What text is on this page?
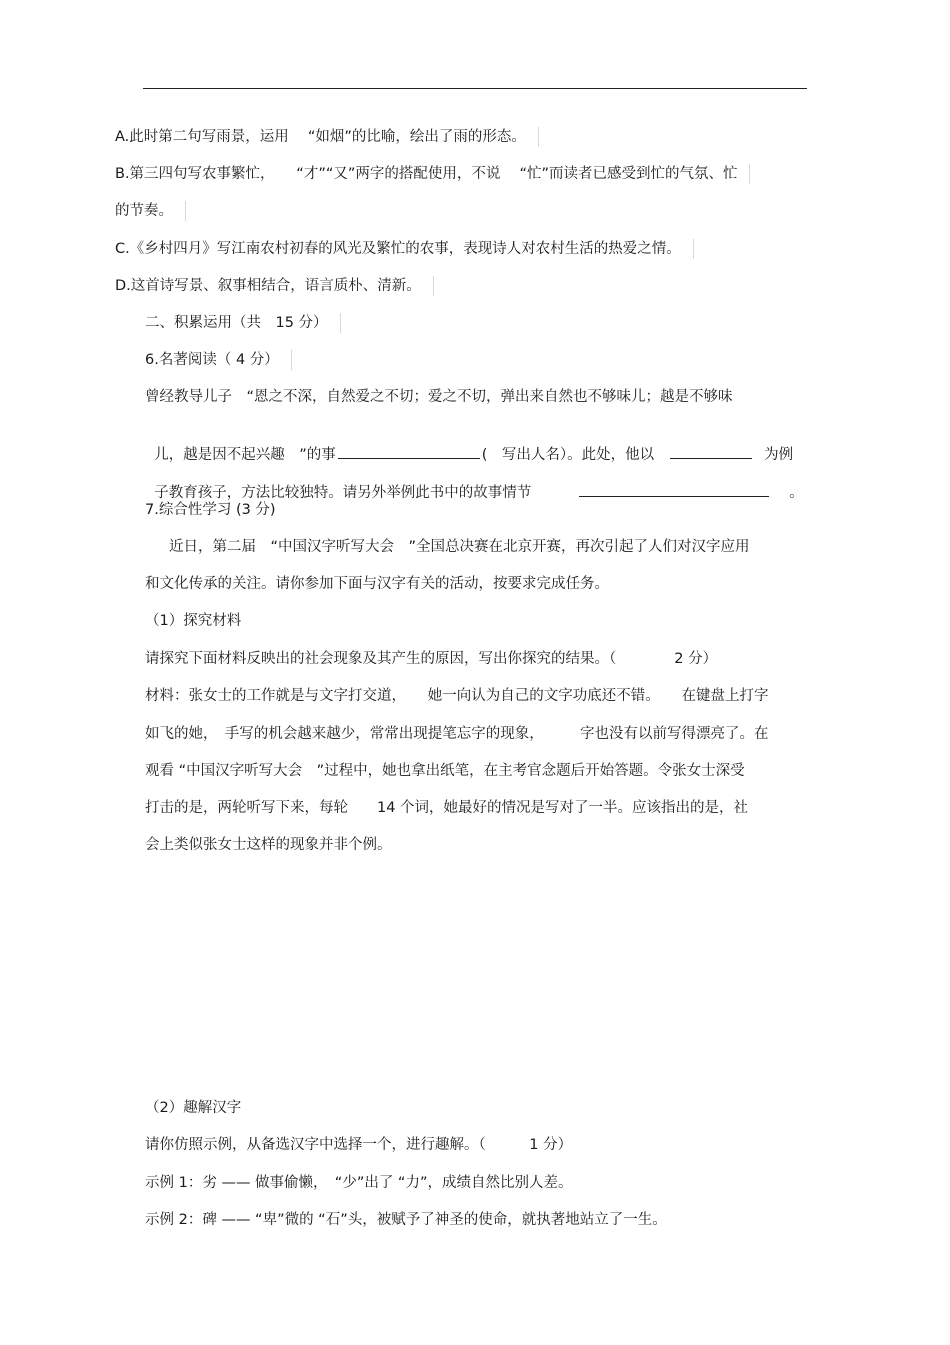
A.此时第二句写雨景，运用　 “如烟”的比喻，绘出了雨的形态。
B.第三四句写农事繁忙，　　“才”“又”两字的搭配使用，不说　 “忙”而读者已感受到忙的气氛、忙
的节奏。
C.《乡村四月》写江南农村初春的风光及繁忙的农事，表现诗人对农村生活的热爱之情。
D.这首诗写景、叙事相结合，语言质朴、清新。
二、积累运用（共　15 分）
6.名著阅读（ 4 分）
曾经教导儿子　“恩之不深，自然爱之不切；爱之不切，弹出来自然也不够味儿；越是不够味

儿，越是因不起兴趣　”的事	(　写出人名）。此处，他以	为例

子教育孩子，方法比较独特。请另外举例此书中的故事情节	。

7.综合性学习 (3 分)
近日，第二届　“中国汉字听写大会　”全国总决赛在北京开赛，再次引起了人们对汉字应用
和文化传承的关注。请你参加下面与汉字有关的活动，按要求完成任务。
（1）探究材料
请探究下面材料反映出的社会现象及其产生的原因，写出你探究的结果。（　　　　2 分）
材料：张女士的工作就是与文字打交道，　　她一向认为自己的文字功底还不错。　　在键盘上打字
如飞的她，　手写的机会越来越少，常常出现提笔忘字的现象，　　　字也没有以前写得漂亮了。在
观看 “中国汉字听写大会　”过程中，她也拿出纸笔，在主考官念题后开始答题。令张女士深受
打击的是，两轮听写下来，每轮　　14 个词，她最好的情况是写对了一半。应该指出的是，社
会上类似张女士这样的现象并非个例。
（2）趣解汉字
请你仿照示例，从备选汉字中选择一个，进行趣解。（　　　1 分）
示例 1：劣 —— 做事偷懒，　“少”出了 “力”，成绩自然比别人差。
示例 2：碑 —— “卑”微的 “石”头，被赋予了神圣的使命，就执著地站立了一生。
